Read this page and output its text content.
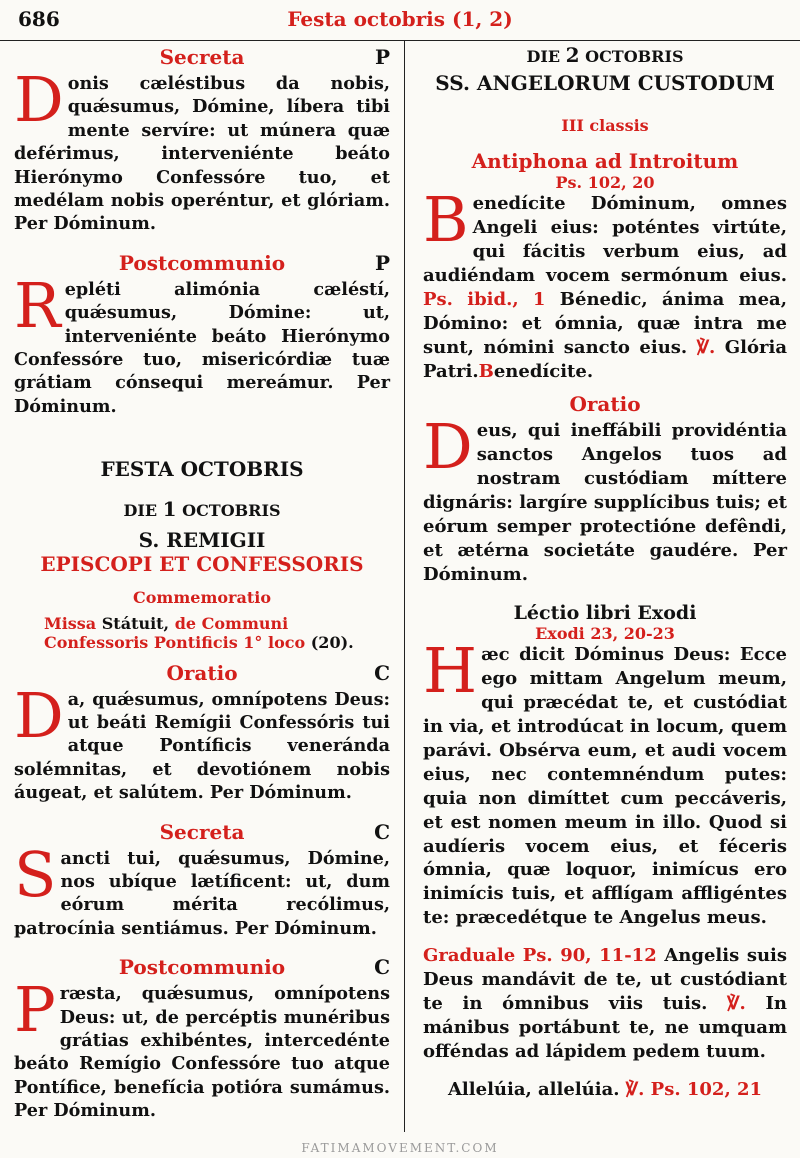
686	Festa octobris (1, 2)
Secreta	P

Donis cæléstibus da nobis, quǽsumus, Dómine, líbera tibi mente servíre: ut múnera quæ deférimus, interveniénte beáto Hierónymo Confessóre tuo, et medélam nobis operéntur, et glóriam. Per Dóminum.

Postcommunio	P

Repléti alimónia cæléstí, quǽsumus, Dómine: ut, interveniénte beáto Hierónymo Confessóre tuo, misericórdiæ tuæ grátiam cónsequi mereámur. Per Dóminum.

FESTA OCTOBRIS
DIE 1 OCTOBRIS
S. REMIGII
EPISCOPI ET CONFESSORIS
Commemoratio
Missa Státuit, de Communi Confessoris Pontificis 1° loco (20).
Oratio	C

Da, quǽsumus, omnípotens Deus: ut beáti Remígii Confessóris tui atque Pontíficis veneránda solémnitas, et devotiónem nobis áugeat, et salútem. Per Dóminum.

Secreta	C

Sancti tui, quǽsumus, Dómine, nos ubíque lætíficent: ut, dum eórum mérita recólimus, patrocínia sentiámus. Per Dóminum.

Postcommunio	C

Præsta, quǽsumus, omnípotens Deus: ut, de percéptis munéribus grátias exhibéntes, intercedénte beáto Remígio Confessóre tuo atque Pontífice, benefícia potióra sumámus. Per Dóminum.

DIE 2 OCTOBRIS
SS. ANGELORUM CUSTODUM
III classis
Antiphona ad Introitum
Ps. 102, 20

Benedícite Dóminum, omnes Angeli eius: poténtes virtúte, qui fácitis verbum eius, ad audiéndam vocem sermónum eius. Ps. ibid., 1 Bénedic, ánima mea, Dómino: et ómnia, quæ intra me sunt, nómini sancto eius. ℣. Glória Patri.Benedícite.

Oratio

Deus, qui ineffábili providéntia sanctos Angelos tuos ad nostram custódiam míttere dignáris: largíre supplícibus tuis; et eórum semper protectióne defêndi, et ætérna societáte gaudére. Per Dóminum.

Léctio libri Exodi
Exodi 23, 20-23

Hæc dicit Dóminus Deus: Ecce ego mittam Angelum meum, qui præcédat te, et custódiat in via, et introdúcat in locum, quem parávi. Obsérva eum, et audi vocem eius, nec contemnéndum putes: quia non dimíttet cum peccáveris, et est nomen meum in illo. Quod si audíeris vocem eius, et féceris ómnia, quæ loquor, inimícus ero inimícis tuis, et afflígam affligéntes te: præcedétque te Angelus meus.

Graduale Ps. 90, 11-12 Angelis suis Deus mandávit de te, ut custódiant te in ómnibus viis tuis. ℣. In mánibus portábunt te, ne umquam offéndas ad lápidem pedem tuum.

Allelúia, allelúia. ℣. Ps. 102, 21
FATIMAMOVEMENT.COM
